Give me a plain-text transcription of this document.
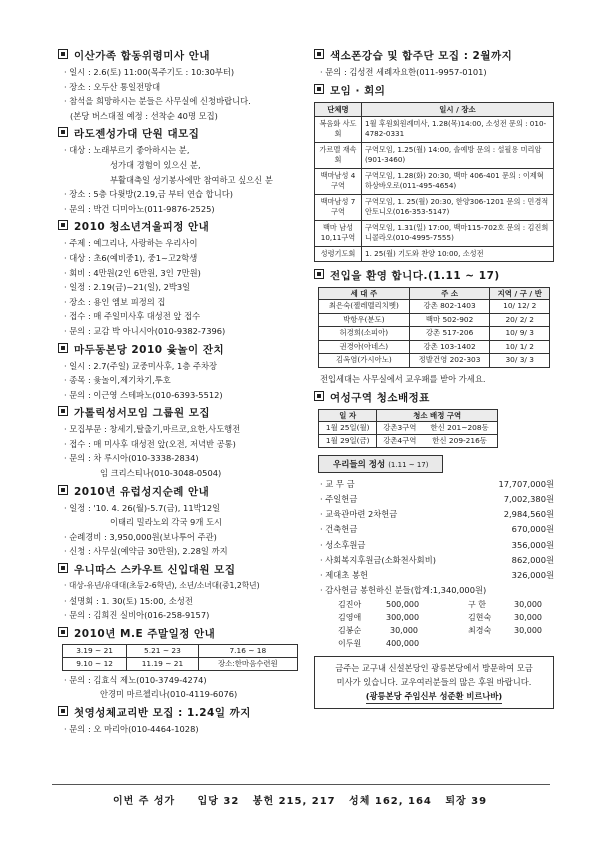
이산가족 합동위령미사 안내
· 일시 : 2.6(토) 11:00(목주기도 : 10:30부터)
· 장소 : 오두산 통일전망대
· 참석을 희망하시는 분들은 사무실에 신청바랍니다.
(본당 버스대절 예정 : 선착순 40명 모집)
라도젠성가대 단원 대모집
· 대상 : 노래부르기 좋아하시는 분,
성가대 경험이 있으신 분,
부활대축일 성기봉사에만 참여하고 싶으신 분
· 장소 : 5층 다윗방(2.19,금 부터 연습 합니다)
· 문의 : 박건 디미아노(011-9876-2525)
2010 청소년겨울피정 안내
· 주제 : 예그리나, 사랑하는 우리사이
· 대상 : 초6(예비중1), 중1~고2학생
· 회비 : 4만원(2인 6만원, 3인 7만원)
· 일정 : 2.19(금)~21(일), 2박3일
· 장소 : 용인 엠보 피정의 집
· 접수 : 매 주일미사후 대성전 앞 접수
· 문의 : 교감 박 아니시아(010-9382-7396)
마두동본당 2010 윷놀이 잔치
· 일시 : 2.7(주일) 교중미사후, 1층 주차장
· 종목 : 윷놀이,제기차기,투호
· 문의 : 이근영 스테파노(010-6393-5512)
가톨릭성서모임 그룹원 모집
· 모집부문 : 창세기,탈출기,마르코,요한,사도행전
· 접수 : 매 미사후 대성전 앞(오전, 저녁반 공통)
· 문의 : 차 루시아(010-3338-2834)
임 크리스티나(010-3048-0504)
2010년 유럽성지순례 안내
· 일정 : '10. 4. 26(월)-5.7(금), 11박12일
이태리 밀라노외 각국 9개 도시
· 순례경비 : 3,950,000원(보나투어 주관)
· 신청 : 사무실(예약금 30만원), 2.28일 까지
우니따스 스카우트 신입대원 모집
· 대상-유년/유대대(초등2-6학년), 소년/소녀대(중1,2학년)
· 설명회 : 1. 30(토) 15:00, 소성전
· 문의 : 김희진 실비아(016-258-9157)
2010년 M.E 주말일정 안내
3.19 ~ 21	5.21 ~ 23	7.16 ~ 18
9.10 ~ 12	11.19 ~ 21	장소:한마음수련원
· 문의 : 김효식 제노(010-3749-4274)
안경미 마르첼리나(010-4119-6076)
첫영성체교리반 모집 : 1.24일 까지
· 문의 : 오 마리아(010-4464-1028)
색소폰강습 및 합주단 모집 : 2월까지
· 문의 : 김성전 세례자요한(011-9957-0101)
모임 · 회의
단체명	일시 / 장소
복음화 사도회	1월 후원회원례미사, 1.28(목)14:00, 소성전 문의 : 010-4782-0331
가르멜 재속회	구역모임, 1.25(월) 14:00, 솔예방 문의 : 설필용 미리암(901-3460)
백마남성 4구역	구역모임, 1.28(화) 20:30, 백마 406-401 문의 : 이제혁 하상바오로(011-495-4654)
백마남성 7구역	구역모임, 1. 25(월) 20:30, 한양306-1201 문의 : 민경적 안토니오(016-353-5147)
백마 남성 10,11구역	구역모임, 1.31(일) 17:00, 백마115-702호 문의 : 김진희 니콜라오(010-4995-7555)
성령기도회	1. 25(월) 기도와 찬양 10:00, 소성전
전입을 환영 합니다.(1.11 ~ 17)
세 대 주	주 소	지역 / 구 / 반
최은숙(젤레멜리치벳)	강촌 802-1403	10/ 12/ 2
박항우(분도)	백마 502-902	20/ 2/ 2
허경희(소피아)	강촌 517-206	10/ 9/ 3
권경아(아네스)	강촌 103-1402	10/ 1/ 2
김옥염(가시아노)	정발건영 202-303	30/ 3/ 3
전입세대는 사무실에서 교우패를 받아 가세요.
여성구역 청소배정표
일 자	청소 배정 구역	
1월 25일(월)	강촌3구역	한신 201~208동
1월 29일(금)	강촌4구역	한신 209-216동
우리들의 정성 (1.11 ~ 17)
· 교 무 금	17,707,000원
· 주일헌금	7,002,380원
· 교육관마련 2차헌금	2,984,560원
· 건축헌금	670,000원
· 성소후원금	356,000원
· 사회복지후원금(소화천사회비)	862,000원
· 제대초 봉헌	326,000원
· 감사헌금 봉헌하신 분들(합계:1,340,000원)
김진아	500,000	구 한	30,000
김영애	300,000	김현숙	30,000
김봉순	30,000	최경숙	30,000
이두원	400,000
금주는 교구내 신설본당인 광릉본당에서 방문하여 모금
미사가 있습니다. 교우여러분들의 많은 후원 바랍니다.
(광릉본당 주임신부 성준환 비르나바)
이번 주 성가 입당 32   봉헌 215, 217   성체 162, 164   퇴장 39
